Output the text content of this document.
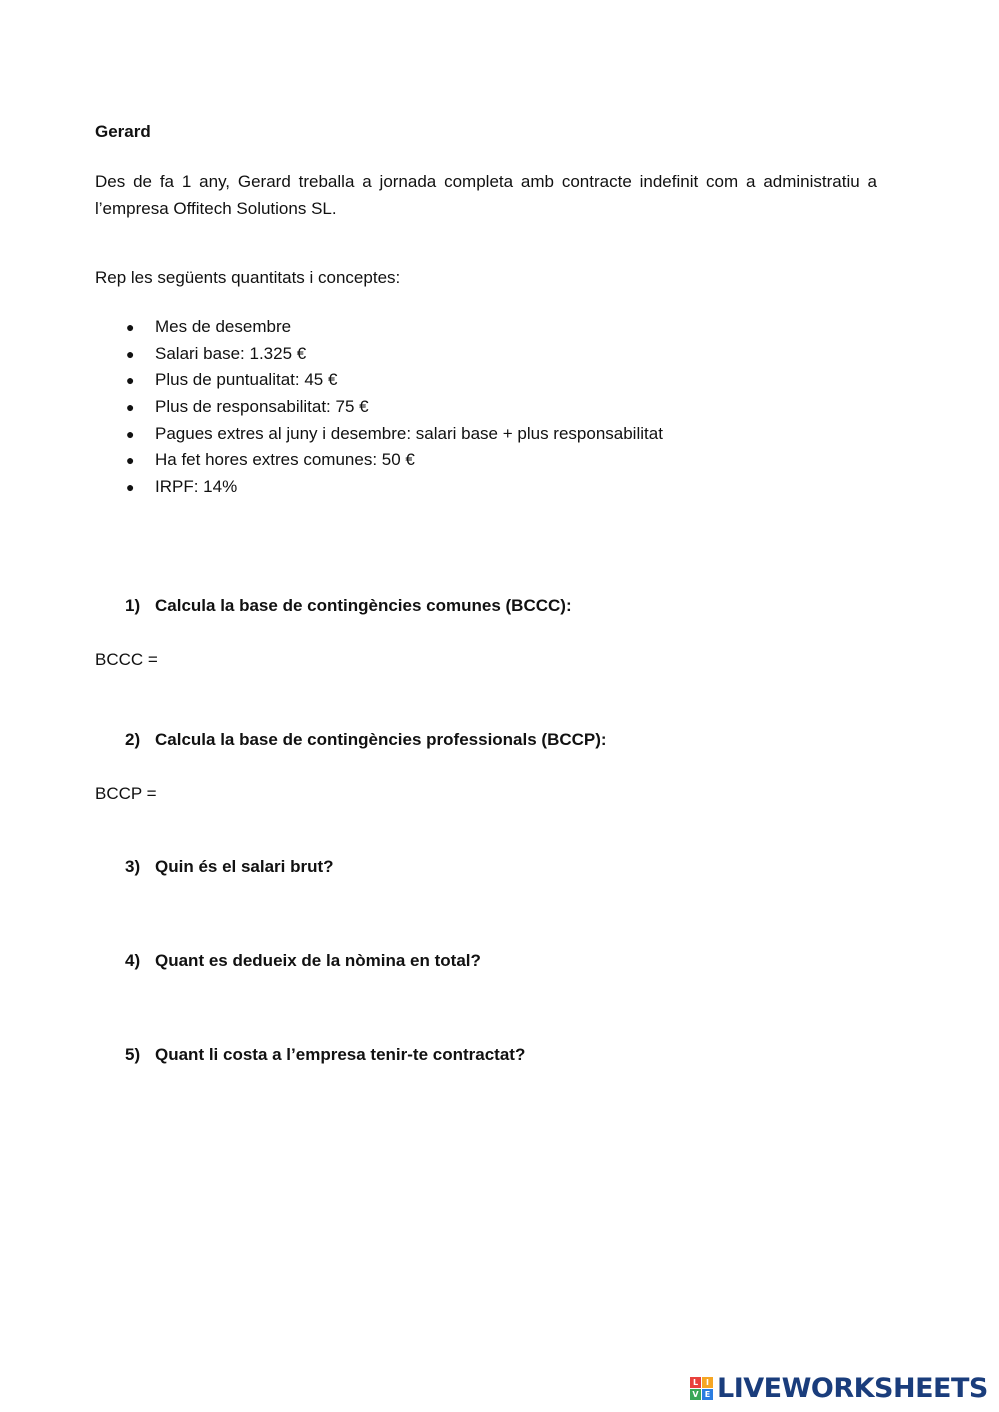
Gerard

Des de fa 1 any, Gerard treballa a jornada completa amb contracte indefinit com a administratiu a l’empresa Offitech Solutions SL.

Rep les següents quantitats i conceptes:

● Mes de desembre
● Salari base: 1.325 €
● Plus de puntualitat: 45 €
● Plus de responsabilitat: 75 €
● Pagues extres al juny i desembre: salari base + plus responsabilitat
● Ha fet hores extres comunes: 50 €
● IRPF: 14%
1) Calcula la base de contingències comunes (BCCC):

BCCC =

2) Calcula la base de contingències professionals (BCCP):

BCCP =

3) Quin és el salari brut?
4) Quant es dedueix de la nòmina en total?
5) Quant li costa a l’empresa tenir-te contractat?
L I
V E LIVEWORKSHEETS
